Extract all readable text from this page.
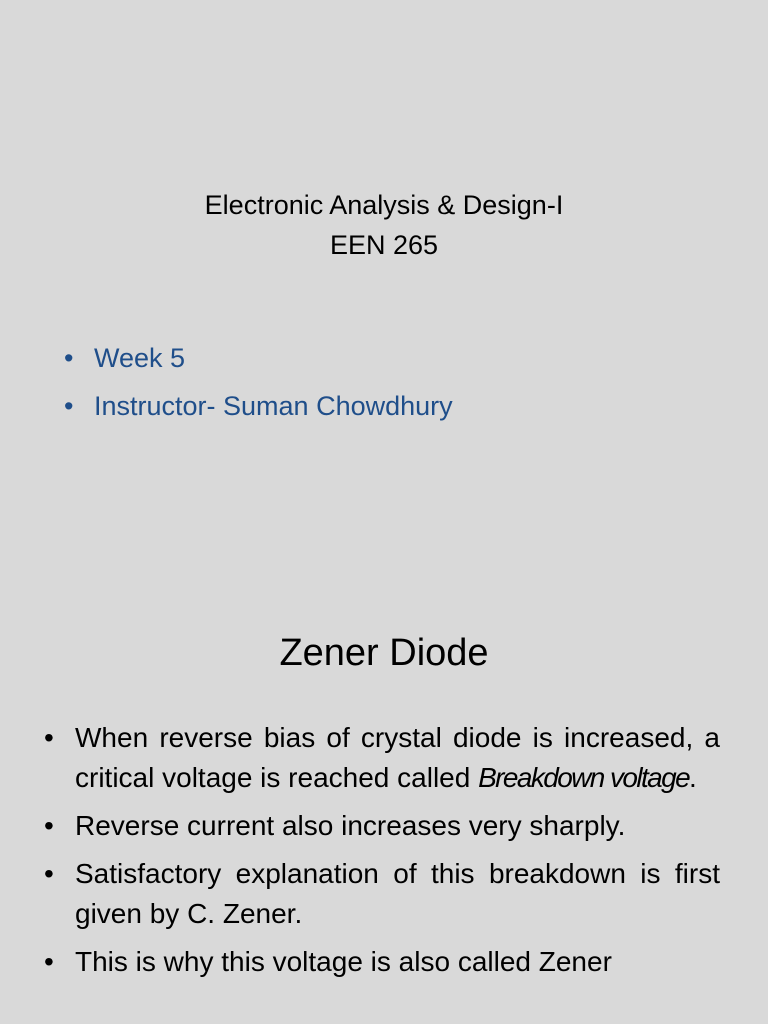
Electronic Analysis & Design-I
EEN 265
• Week 5
• Instructor- Suman Chowdhury
Zener Diode
• When reverse bias of crystal diode is increased, a critical voltage is reached called Breakdown voltage.
• Reverse current also increases very sharply.
• Satisfactory explanation of this breakdown is first given by C. Zener.
• This is why this voltage is also called Zener
